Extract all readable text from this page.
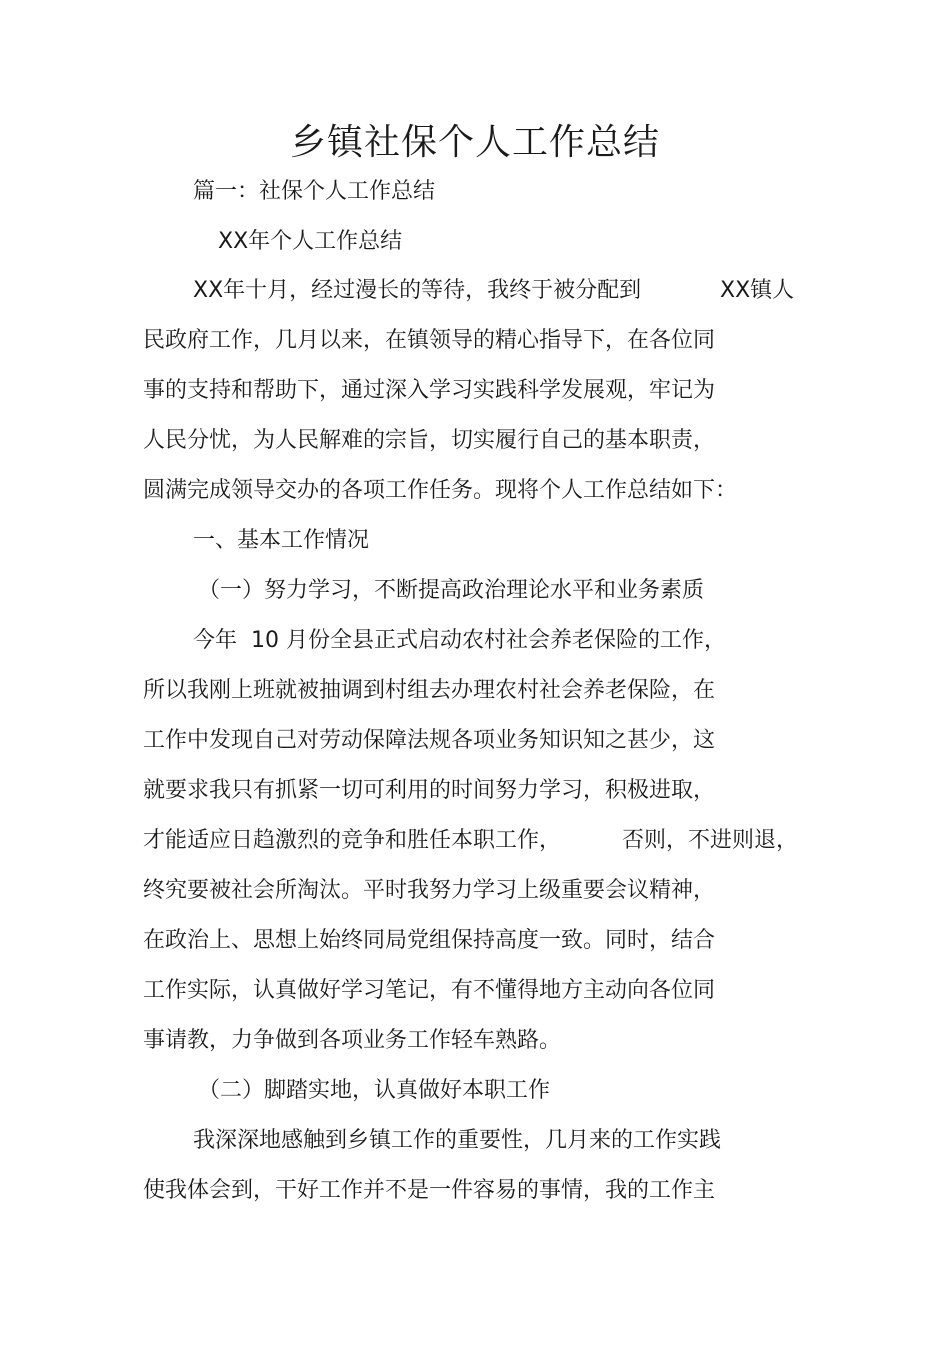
乡镇社保个人工作总结
篇一：社保个人工作总结
XX年个人工作总结
XX年十月，经过漫长的等待，我终于被分配到	XX镇人
民政府工作，几月以来，在镇领导的精心指导下，在各位同
事的支持和帮助下，通过深入学习实践科学发展观，牢记为
人民分忧，为人民解难的宗旨，切实履行自己的基本职责，
圆满完成领导交办的各项工作任务。现将个人工作总结如下：
一、基本工作情况
（一）努力学习，不断提高政治理论水平和业务素质
今年  10 月份全县正式启动农村社会养老保险的工作，
所以我刚上班就被抽调到村组去办理农村社会养老保险，在
工作中发现自己对劳动保障法规各项业务知识知之甚少，这
就要求我只有抓紧一切可利用的时间努力学习，积极进取，
才能适应日趋激烈的竞争和胜任本职工作，	否则，不进则退，
终究要被社会所淘汰。平时我努力学习上级重要会议精神，
在政治上、思想上始终同局党组保持高度一致。同时，结合
工作实际，认真做好学习笔记，有不懂得地方主动向各位同
事请教，力争做到各项业务工作轻车熟路。
（二）脚踏实地，认真做好本职工作
我深深地感触到乡镇工作的重要性，几月来的工作实践
使我体会到，干好工作并不是一件容易的事情，我的工作主
